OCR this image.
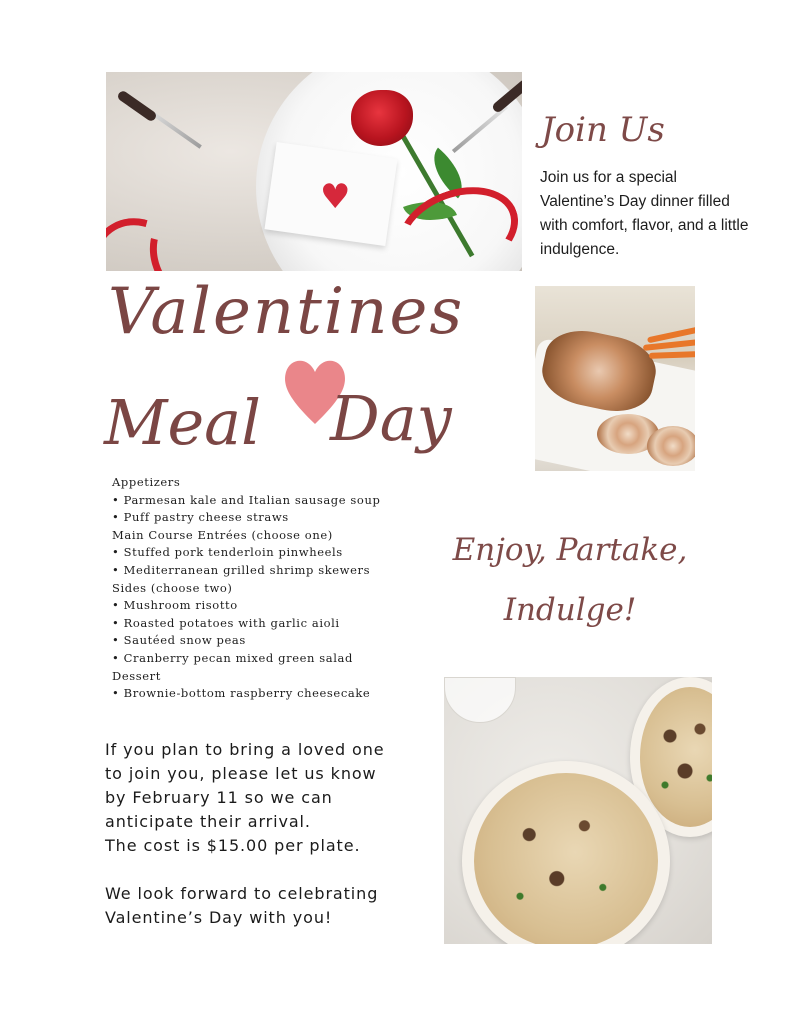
♥
Join Us

Join us for a special Valentine’s Day dinner filled with comfort, flavor, and a little indulgence.

Valentines
Meal Day
Appetizers
• Parmesan kale and Italian sausage soup
• Puff pastry cheese straws
Main Course Entrées (choose one)
• Stuffed pork tenderloin pinwheels
• Mediterranean grilled shrimp skewers
Sides (choose two)
• Mushroom risotto
• Roasted potatoes with garlic aioli
• Sautéed snow peas
• Cranberry pecan mixed green salad
Dessert
• Brownie-bottom raspberry cheesecake
Enjoy, Partake,
Indulge!

If you plan to bring a loved one

to join you, please let us know

by February 11 so we can

anticipate their arrival.

The cost is $15.00 per plate.

We look forward to celebrating

Valentine’s Day with you!
